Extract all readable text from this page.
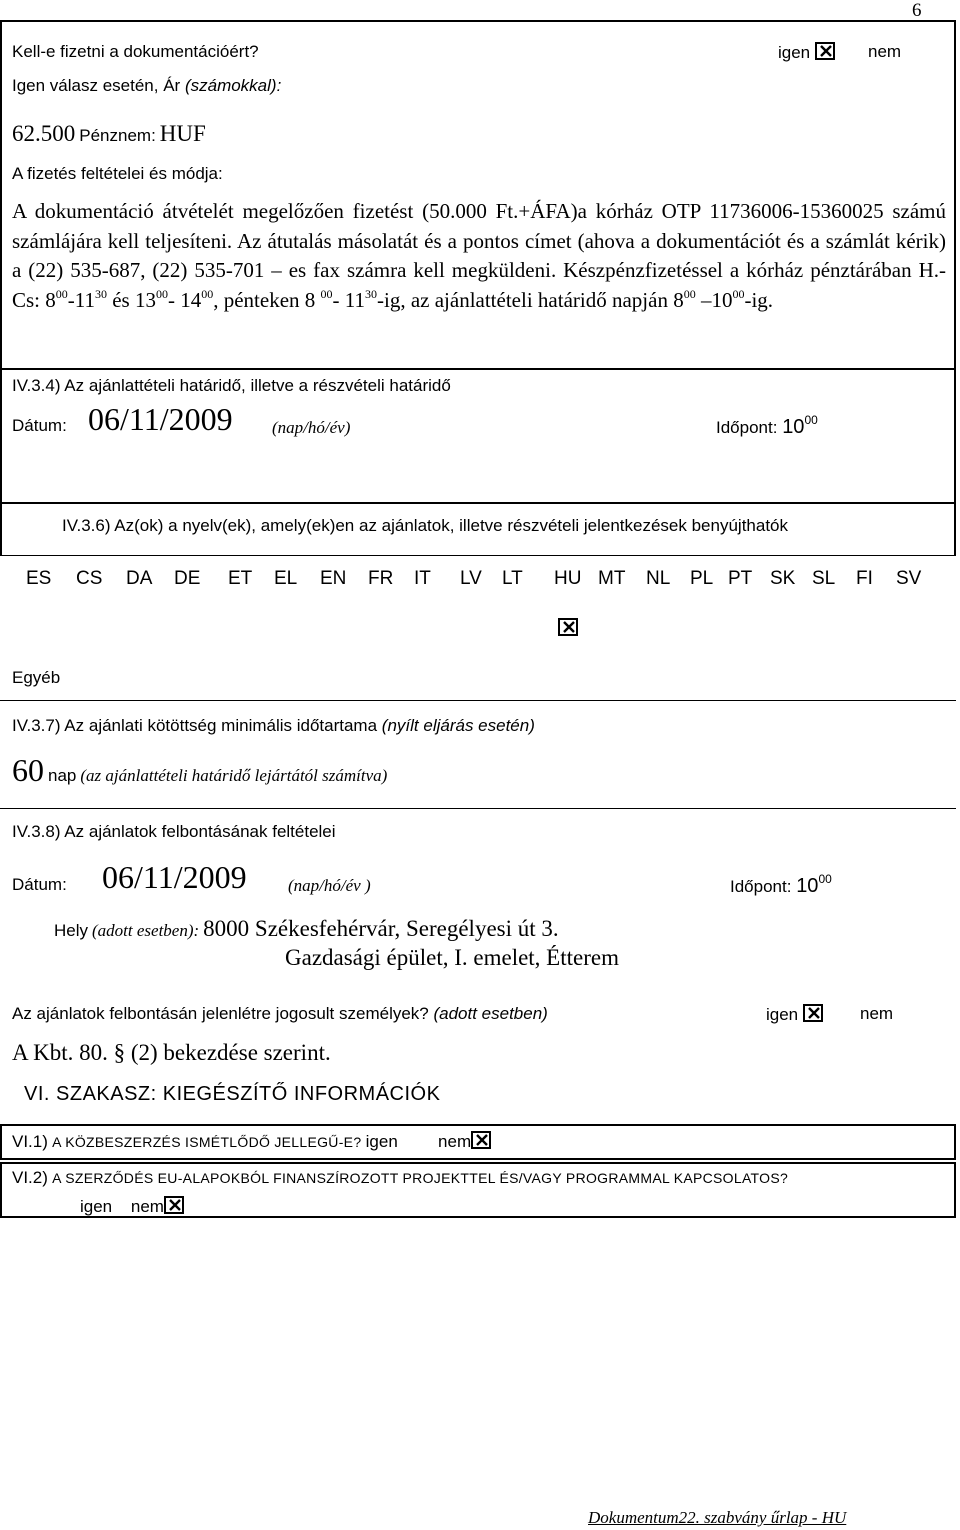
6
Kell-e fizetni a dokumentációért?	igen	nem
Igen válasz esetén, Ár (számokkal):
62.500 Pénznem: HUF
A fizetés feltételei és módja:
A dokumentáció átvételét megelőzően fizetést (50.000 Ft.+ÁFA)a kórház OTP 11736006-15360025 számú számlájára kell teljesíteni. Az átutalás másolatát és a pontos címet (ahova a dokumentációt és a számlát kérik) a (22) 535-687, (22) 535-701 – es fax számra kell megküldeni. Készpénzfizetéssel a kórház pénztárában H.-Cs: $8^{00}-11^{30}$ és $13^{00}-$ $14^{00}$, pénteken 8 $^{00}$- $11^{30}-ig$, az ajánlattételi határidő napján $8^{00}$ $-10^{00}-ig$.
IV.3.4) Az ajánlattételi határidő, illetve a részvételi határidő
Dátum: 06/11/2009 (nap/hó/év)	Időpont: $10^{00}$
IV.3.6) Az(ok) a nyelv(ek), amely(ek)en az ajánlatok, illetve részvételi jelentkezések benyújthatók
ES CS DA DE ET EL EN FR IT LV LT HU MT NL PL PT SK SL FI SV
Egyéb
IV.3.7) Az ajánlati kötöttség minimális időtartama (nyílt eljárás esetén)
60 nap (az ajánlattételi határidő lejártától számítva)
IV.3.8) Az ajánlatok felbontásának feltételei
Dátum: 06/11/2009 (nap/hó/év )	Időpont: $10^{00}$
Hely (adott esetben): 8000 Székesfehérvár, Seregélyesi út 3.
Gazdasági épület, I. emelet, Étterem
Az ajánlatok felbontásán jelenlétre jogosult személyek? (adott esetben)	igen	nem
A Kbt. 80. § (2) bekezdése szerint.
VI. SZAKASZ: KIEGÉSZÍTŐ INFORMÁCIÓK
VI.1) A KÖZBESZERZÉS ISMÉTLŐDŐ JELLEGŰ-E? igen nem
VI.2) A SZERZŐDÉS EU-ALAPOKBÓL FINANSZÍROZOTT PROJEKTTEL ÉS/VAGY PROGRAMMAL KAPCSOLATOS?
igen nem
Dokumentum22. szabvány űrlap - HU
